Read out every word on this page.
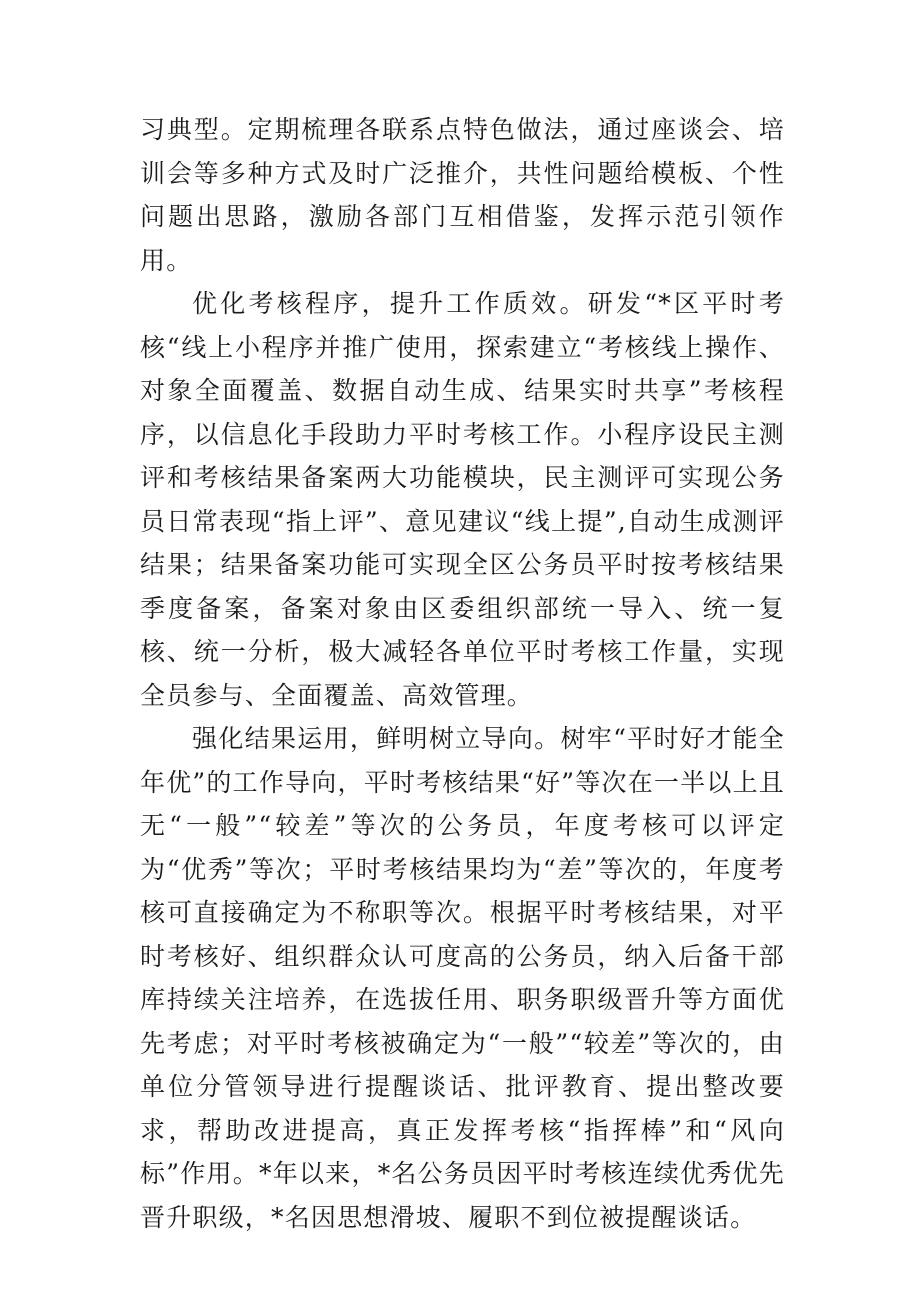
习典型。定期梳理各联系点特色做法，通过座谈会、培训会等多种方式及时广泛推介，共性问题给模板、个性问题出思路，激励各部门互相借鉴，发挥示范引领作用。

优化考核程序，提升工作质效。研发“*区平时考核“线上小程序并推广使用，探索建立“考核线上操作、对象全面覆盖、数据自动生成、结果实时共享”考核程序，以信息化手段助力平时考核工作。小程序设民主测评和考核结果备案两大功能模块，民主测评可实现公务员日常表现“指上评”、意见建议“线上提”,自动生成测评结果；结果备案功能可实现全区公务员平时按考核结果季度备案，备案对象由区委组织部统一导入、统一复核、统一分析，极大减轻各单位平时考核工作量，实现全员参与、全面覆盖、高效管理。

强化结果运用，鲜明树立导向。树牢“平时好才能全年优”的工作导向，平时考核结果“好”等次在一半以上且无“一般”“较差”等次的公务员，年度考核可以评定为“优秀”等次；平时考核结果均为“差”等次的，年度考核可直接确定为不称职等次。根据平时考核结果，对平时考核好、组织群众认可度高的公务员，纳入后备干部库持续关注培养，在选拔任用、职务职级晋升等方面优先考虑；对平时考核被确定为“一般”“较差”等次的，由单位分管领导进行提醒谈话、批评教育、提出整改要求，帮助改进提高，真正发挥考核“指挥棒”和“风向标”作用。*年以来，*名公务员因平时考核连续优秀优先晋升职级，*名因思想滑坡、履职不到位被提醒谈话。
